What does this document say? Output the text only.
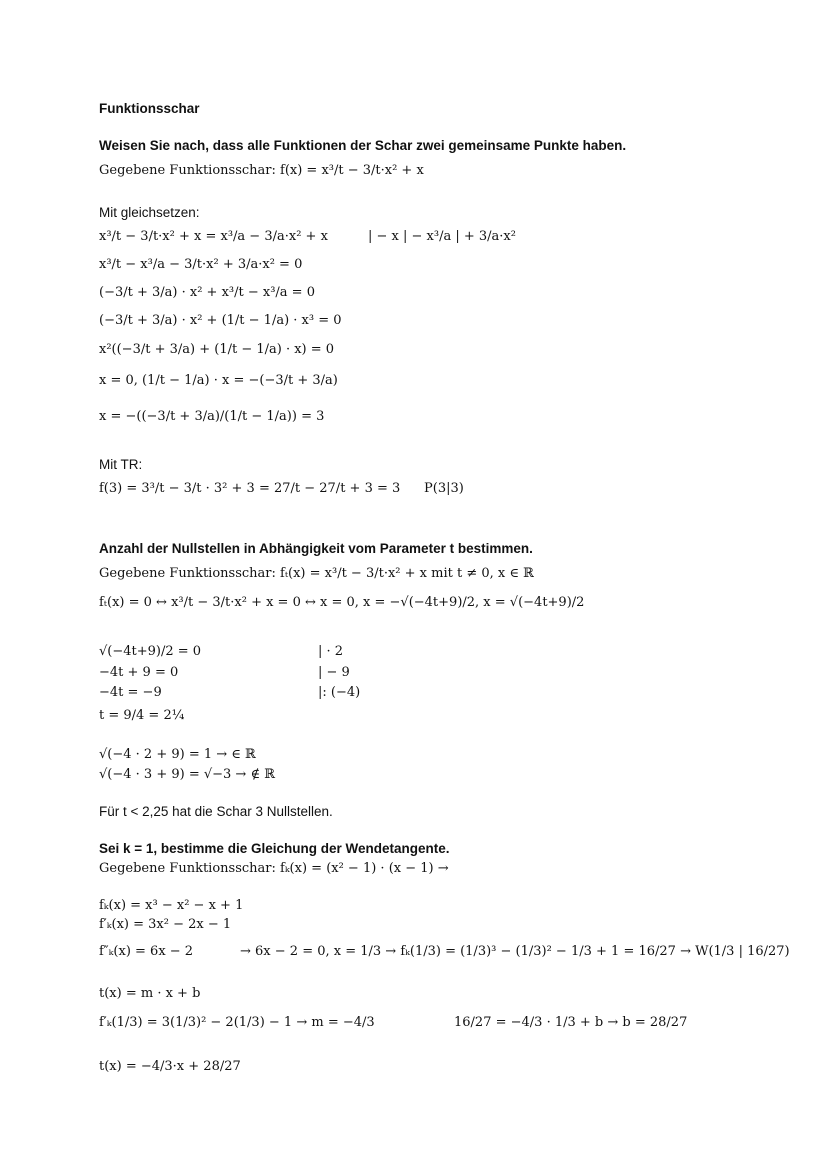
Funktionsschar
Weisen Sie nach, dass alle Funktionen der Schar zwei gemeinsame Punkte haben.
Gegebene Funktionsschar: f(x) = x³/t − 3/t·x² + x
Mit gleichsetzen:
x³/t − 3/t·x² + x = x³/a − 3/a·x² + x	| − x | − x³/a | + 3/a·x²
x³/t − x³/a − 3/t·x² + 3/a·x² = 0
(−3/t + 3/a) · x² + x³/t − x³/a = 0
(−3/t + 3/a) · x² + (1/t − 1/a) · x³ = 0
x²((−3/t + 3/a) + (1/t − 1/a) · x) = 0
x = 0, (1/t − 1/a) · x = −(−3/t + 3/a)
x = −((−3/t + 3/a)/(1/t − 1/a)) = 3
Mit TR:
f(3) = 3³/t − 3/t · 3² + 3 = 27/t − 27/t + 3 = 3 P(3|3)
Anzahl der Nullstellen in Abhängigkeit vom Parameter t bestimmen.
Gegebene Funktionsschar: fₜ(x) = x³/t − 3/t·x² + x mit t ≠ 0, x ∈ ℝ
fₜ(x) = 0 ↔ x³/t − 3/t·x² + x = 0 ↔ x = 0, x = −√(−4t+9)/2, x = √(−4t+9)/2
√(−4t+9)/2 = 0	| · 2
−4t + 9 = 0	| − 9
−4t = −9	|: (−4)
t = 9/4 = 2¼
√(−4 · 2 + 9) = 1 → ∈ ℝ
√(−4 · 3 + 9) = √−3 → ∉ ℝ
Für t < 2,25 hat die Schar 3 Nullstellen.
Sei k = 1, bestimme die Gleichung der Wendetangente.
Gegebene Funktionsschar: fₖ(x) = (x² − 1) · (x − 1) →
fₖ(x) = x³ − x² − x + 1
f′ₖ(x) = 3x² − 2x − 1
f″ₖ(x) = 6x − 2	→ 6x − 2 = 0, x = 1/3 → fₖ(1/3) = (1/3)³ − (1/3)² − 1/3 + 1 = 16/27 → W(1/3 | 16/27)
t(x) = m · x + b
f′ₖ(1/3) = 3(1/3)² − 2(1/3) − 1 → m = −4/3	16/27 = −4/3 · 1/3 + b → b = 28/27
t(x) = −4/3·x + 28/27
